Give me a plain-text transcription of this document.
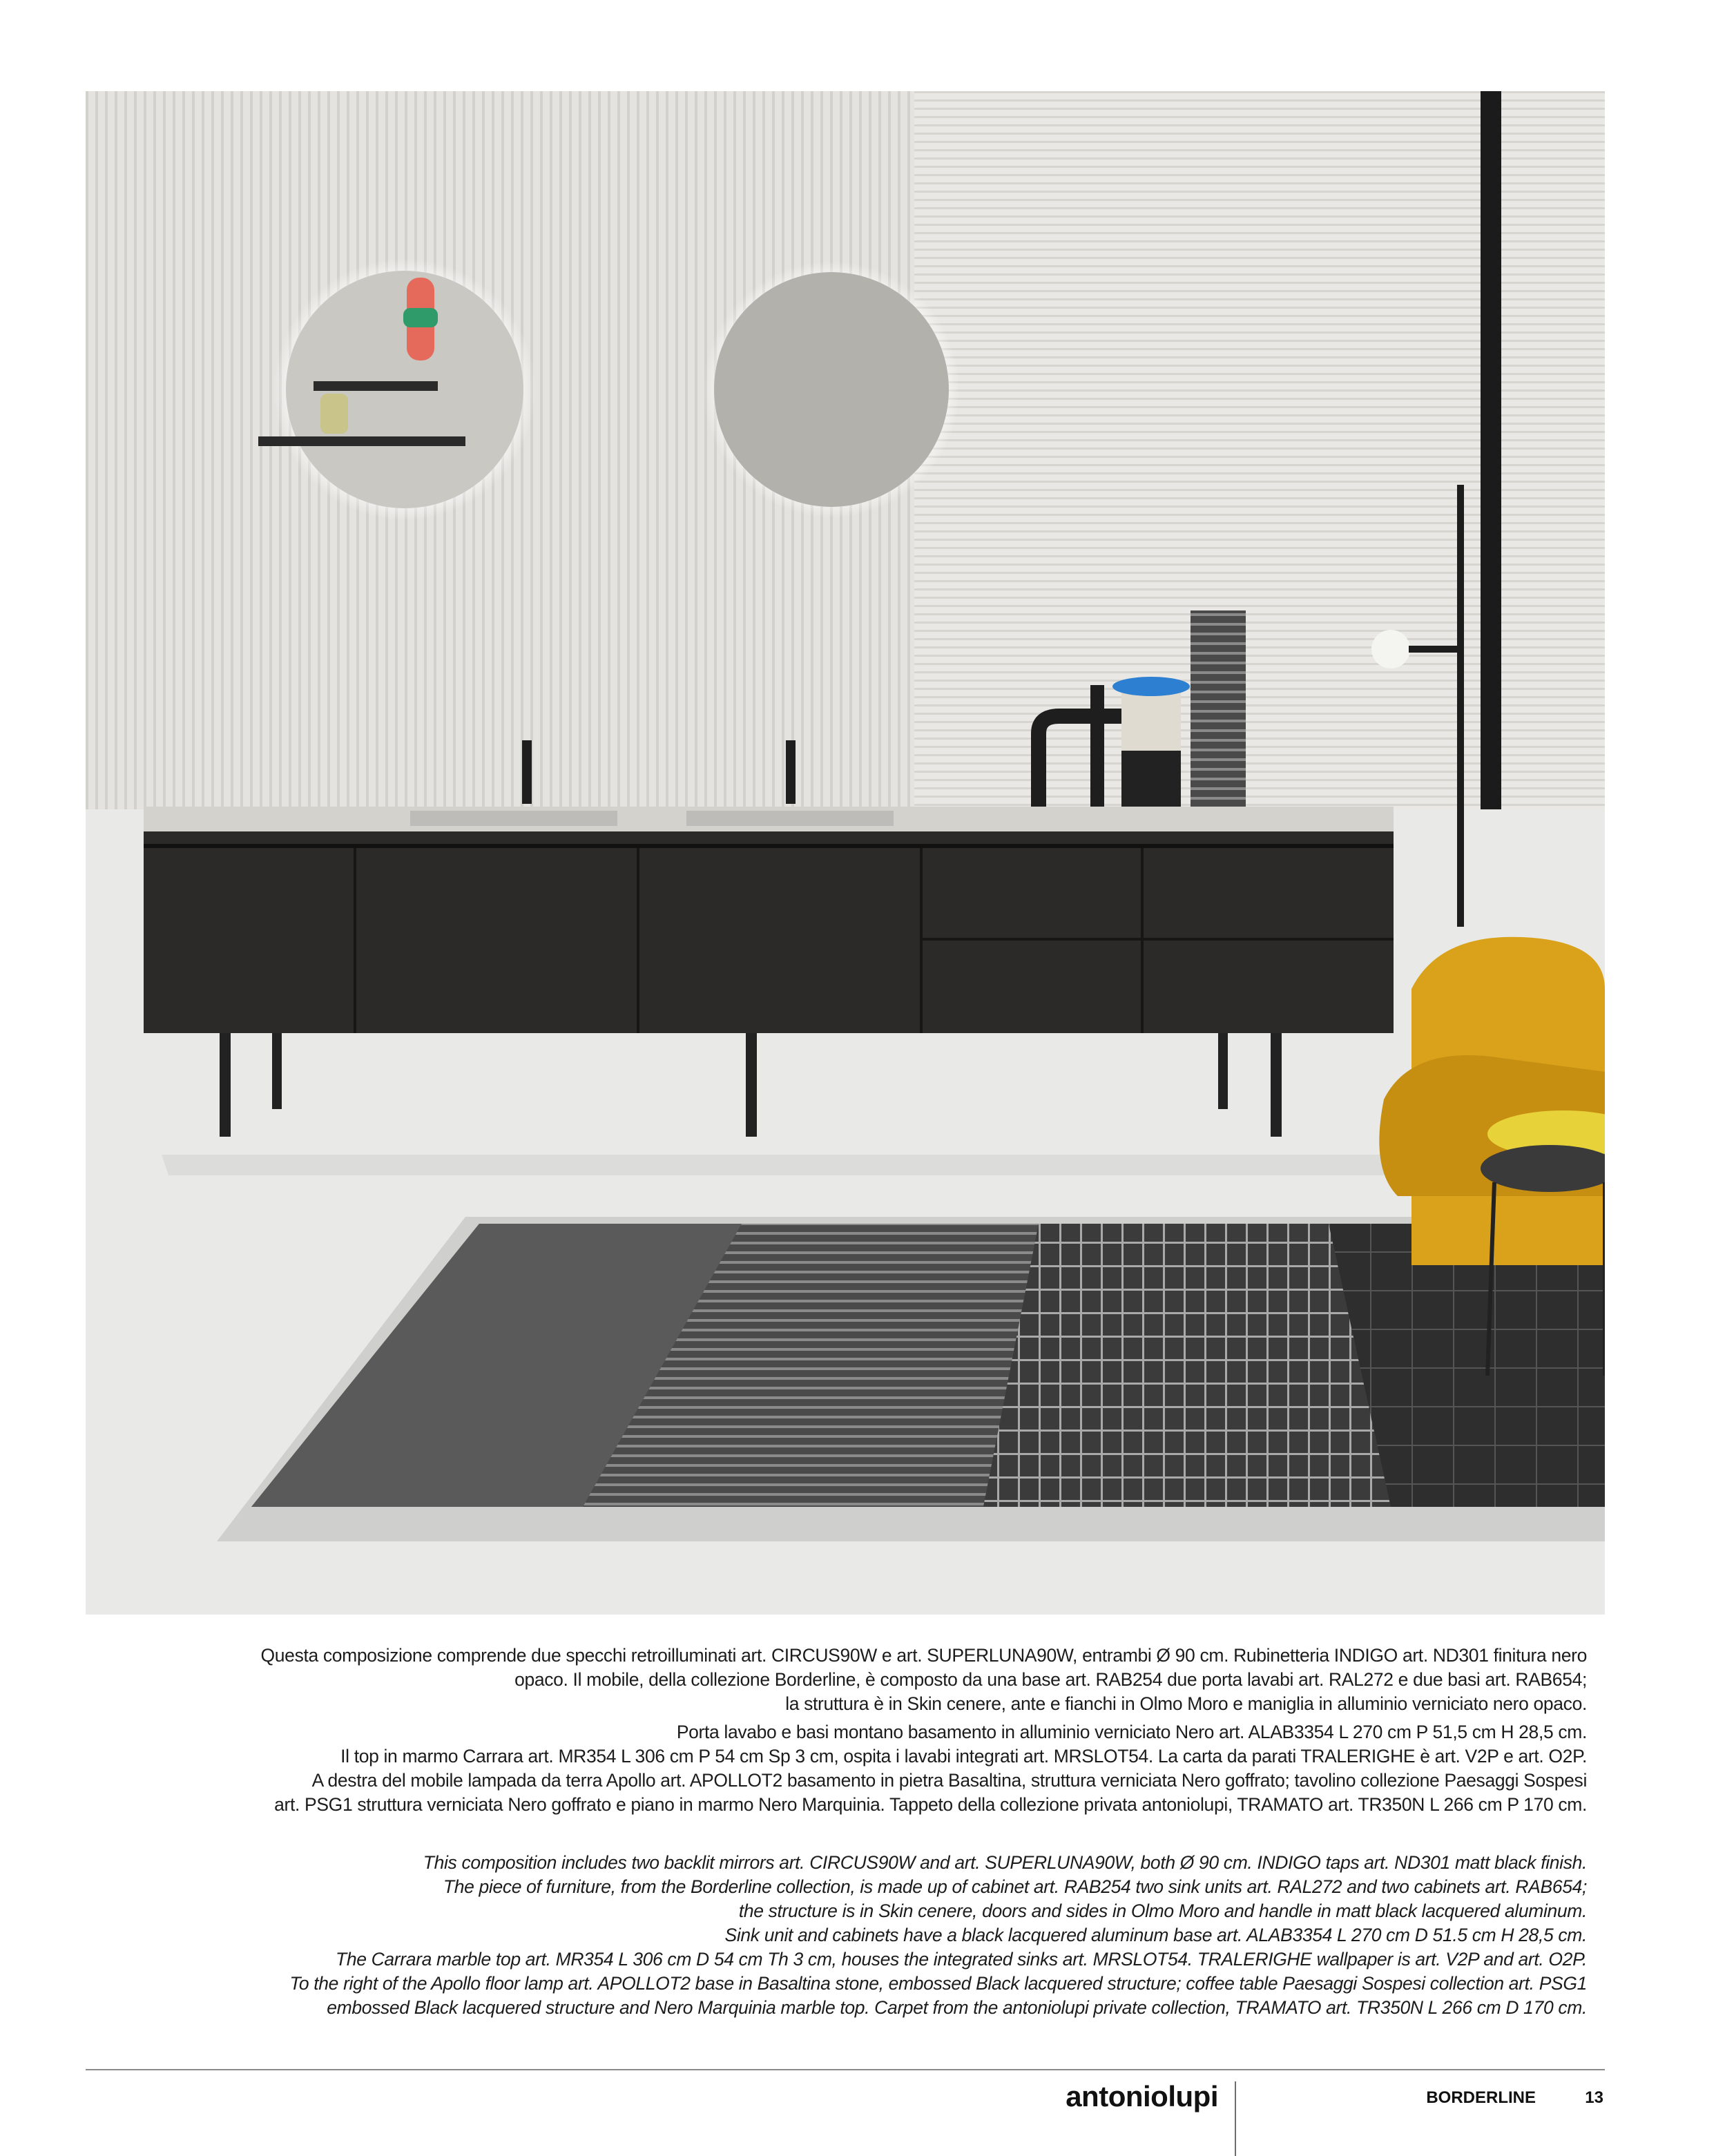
Questa composizione comprende due specchi retroilluminati art. CIRCUS90W e art. SUPERLUNA90W, entrambi Ø 90 cm. Rubinetteria INDIGO art. ND301 finitura nero

opaco. Il mobile, della collezione Borderline, è composto da una base art. RAB254 due porta lavabi art. RAL272 e due basi art. RAB654;

la struttura è in Skin cenere, ante e fianchi in Olmo Moro e maniglia in alluminio verniciato nero opaco.

Porta lavabo e basi montano basamento in alluminio verniciato Nero art. ALAB3354 L 270 cm P 51,5 cm H 28,5 cm.

Il top in marmo Carrara art. MR354 L 306 cm P 54 cm Sp 3 cm, ospita i lavabi integrati art. MRSLOT54. La carta da parati TRALERIGHE è art. V2P e art. O2P.

A destra del mobile lampada da terra Apollo art. APOLLOT2 basamento in pietra Basaltina, struttura verniciata Nero goffrato; tavolino collezione Paesaggi Sospesi

art. PSG1 struttura verniciata Nero goffrato e piano in marmo Nero Marquinia. Tappeto della collezione privata antoniolupi, TRAMATO art. TR350N L 266 cm P 170 cm.

This composition includes two backlit mirrors art. CIRCUS90W and art. SUPERLUNA90W, both Ø 90 cm. INDIGO taps art. ND301 matt black finish.

The piece of furniture, from the Borderline collection, is made up of cabinet art. RAB254 two sink units art. RAL272 and two cabinets art. RAB654;

the structure is in Skin cenere, doors and sides in Olmo Moro and handle in matt black lacquered aluminum.

Sink unit and cabinets have a black lacquered aluminum base art. ALAB3354 L 270 cm D 51.5 cm H 28,5 cm.

The Carrara marble top art. MR354 L 306 cm D 54 cm Th 3 cm, houses the integrated sinks art. MRSLOT54. TRALERIGHE wallpaper is art. V2P and art. O2P.

To the right of the Apollo floor lamp art. APOLLOT2 base in Basaltina stone, embossed Black lacquered structure; coffee table Paesaggi Sospesi collection art. PSG1

embossed Black lacquered structure and Nero Marquinia marble top. Carpet from the antoniolupi private collection, TRAMATO art. TR350N L 266 cm D 170 cm.

antoniolupi	BORDERLINE	13
